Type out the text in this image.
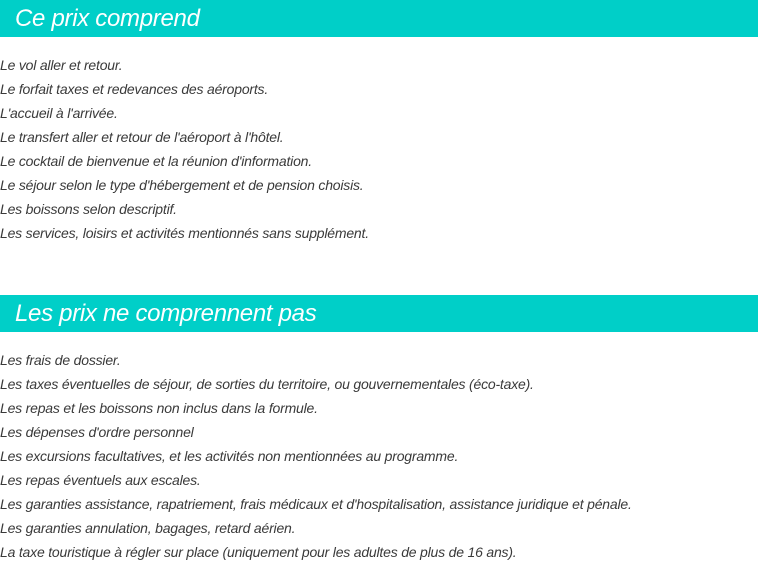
Ce prix comprend
Le vol aller et retour.
Le forfait taxes et redevances des aéroports.
L'accueil à l'arrivée.
Le transfert aller et retour de l'aéroport à l'hôtel.
Le cocktail de bienvenue et la réunion d'information.
Le séjour selon le type d'hébergement et de pension choisis.
Les boissons selon descriptif.
Les services, loisirs et activités mentionnés sans supplément.
Les prix ne comprennent pas
Les frais de dossier.
Les taxes éventuelles de séjour, de sorties du territoire, ou gouvernementales (éco-taxe).
Les repas et les boissons non inclus dans la formule.
Les dépenses d'ordre personnel
Les excursions facultatives, et les activités non mentionnées au programme.
Les repas éventuels aux escales.
Les garanties assistance, rapatriement, frais médicaux et d'hospitalisation, assistance juridique et pénale.
Les garanties annulation, bagages, retard aérien.
La taxe touristique à régler sur place (uniquement pour les adultes de plus de 16 ans).
